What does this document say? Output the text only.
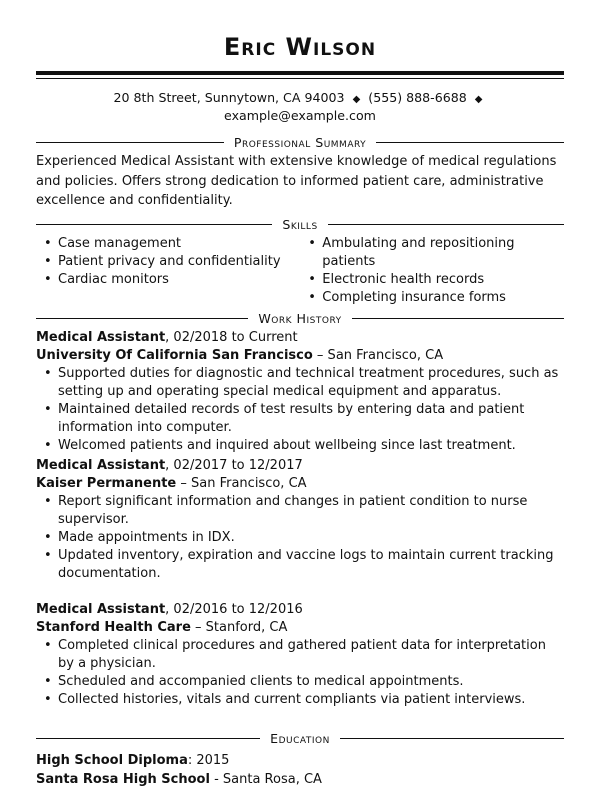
Eric Wilson
20 8th Street, Sunnytown, CA 94003 ◆ (555) 888-6688 ◆ example@example.com
Professional Summary
Experienced Medical Assistant with extensive knowledge of medical regulations and policies. Offers strong dedication to informed patient care, administrative excellence and confidentiality.
Skills
• Case management
• Patient privacy and confidentiality
• Cardiac monitors
• Ambulating and repositioning patients
• Electronic health records
• Completing insurance forms
Work History
Medical Assistant, 02/2018 to Current
University Of California San Francisco – San Francisco, CA
• Supported duties for diagnostic and technical treatment procedures, such as setting up and operating special medical equipment and apparatus.
• Maintained detailed records of test results by entering data and patient information into computer.
• Welcomed patients and inquired about wellbeing since last treatment.
Medical Assistant, 02/2017 to 12/2017
Kaiser Permanente – San Francisco, CA
• Report significant information and changes in patient condition to nurse supervisor.
• Made appointments in IDX.
• Updated inventory, expiration and vaccine logs to maintain current tracking documentation.
Medical Assistant, 02/2016 to 12/2016
Stanford Health Care – Stanford, CA
• Completed clinical procedures and gathered patient data for interpretation by a physician.
• Scheduled and accompanied clients to medical appointments.
• Collected histories, vitals and current compliants via patient interviews.
Education
High School Diploma: 2015
Santa Rosa High School - Santa Rosa, CA
